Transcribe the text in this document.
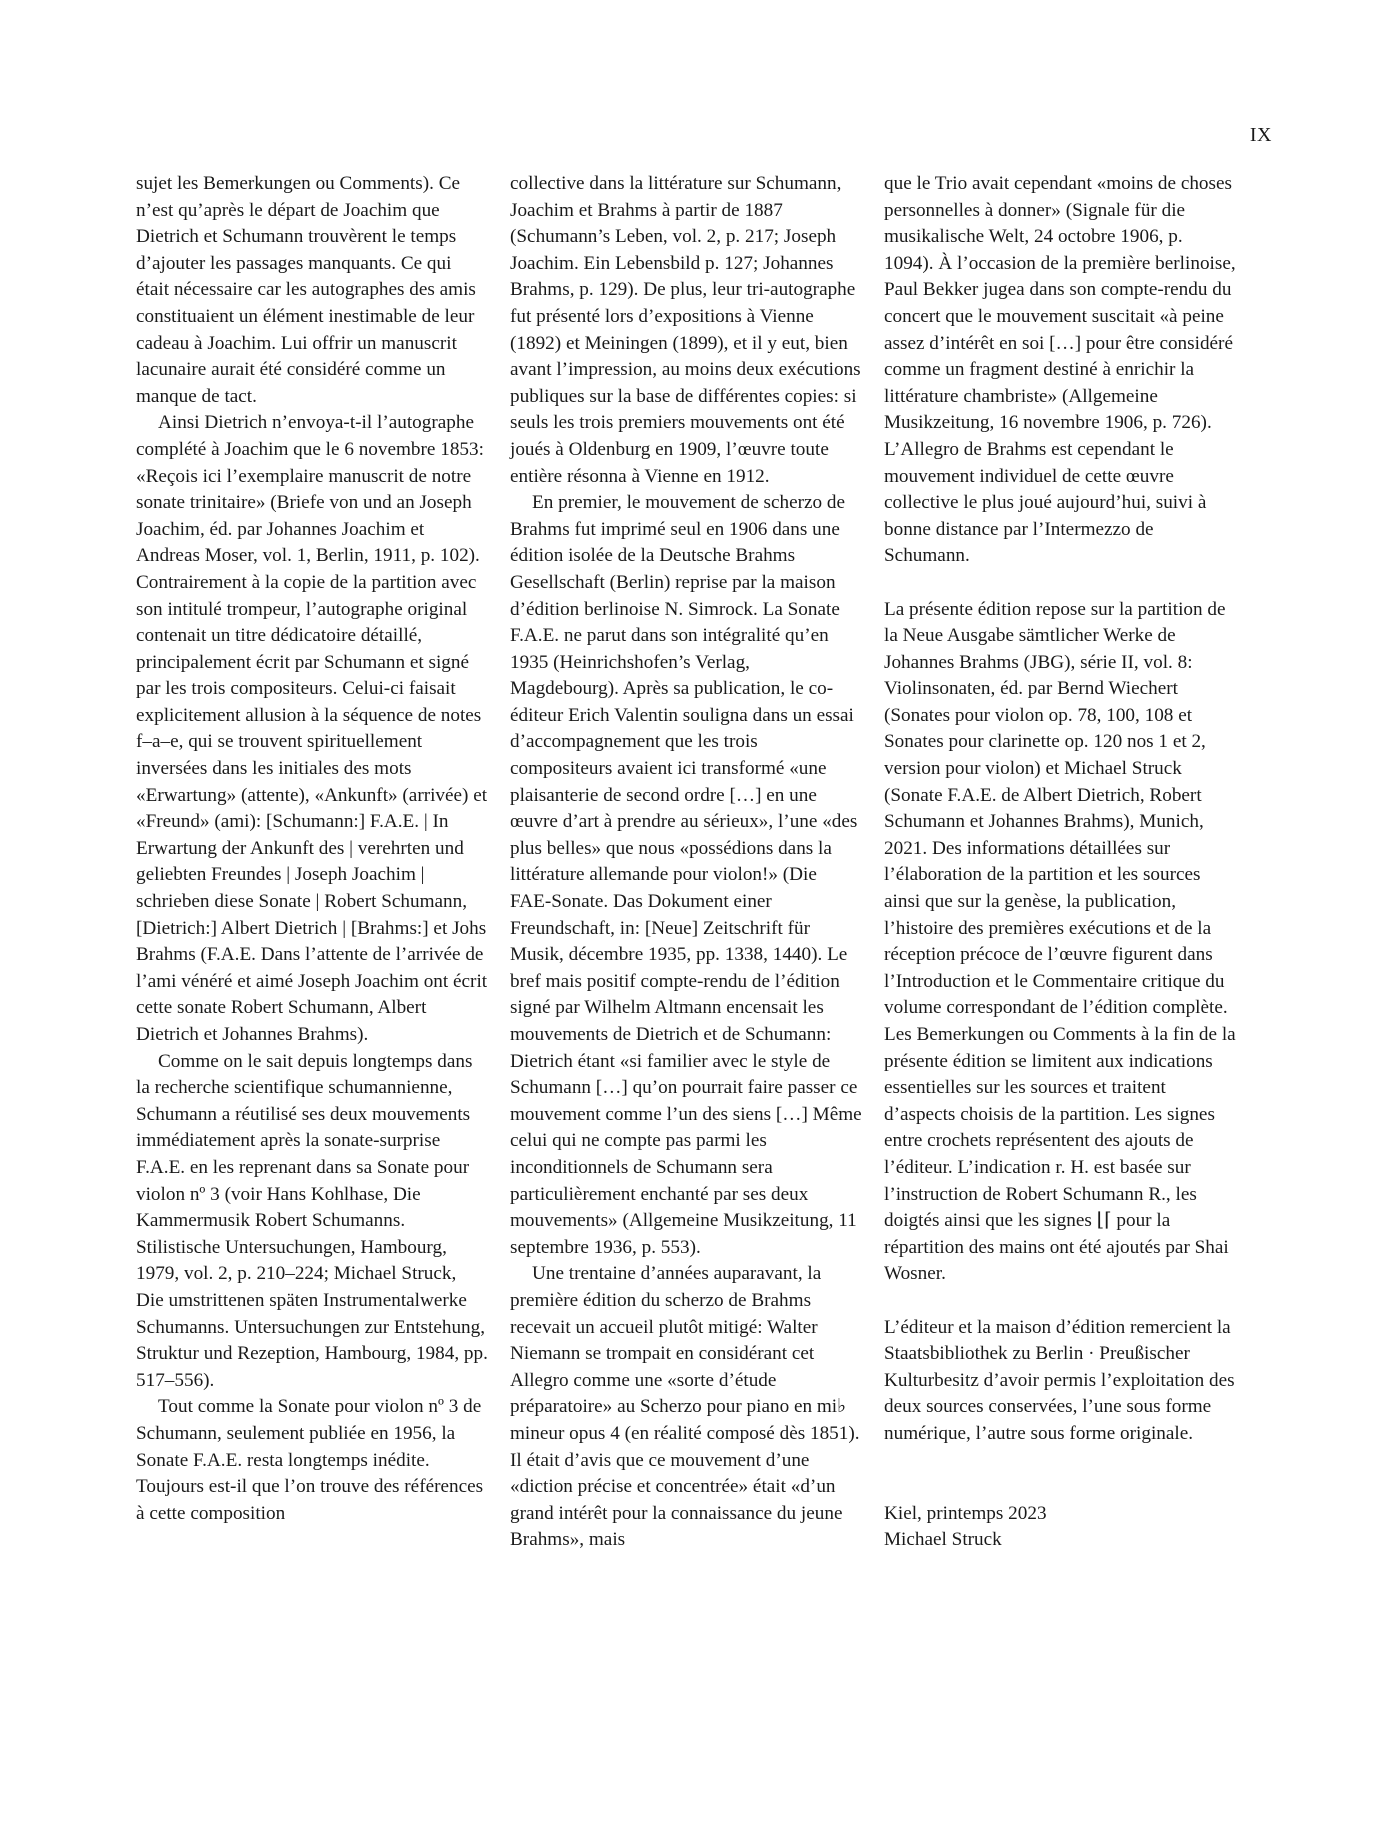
IX

sujet les Bemerkungen ou Comments). Ce n’est qu’après le départ de Joachim que Dietrich et Schumann trouvèrent le temps d’ajouter les passages manquants. Ce qui était nécessaire car les autographes des amis constituaient un élément inestimable de leur cadeau à Joachim. Lui offrir un manuscrit lacunaire aurait été considéré comme un manque de tact.

Ainsi Dietrich n’envoya-t-il l’autographe complété à Joachim que le 6 novembre 1853: «Reçois ici l’exemplaire manuscrit de notre sonate trinitaire» (Briefe von und an Joseph Joachim, éd. par Johannes Joachim et Andreas Moser, vol. 1, Berlin, 1911, p. 102). Contrairement à la copie de la partition avec son intitulé trompeur, l’autographe original contenait un titre dédicatoire détaillé, principalement écrit par Schumann et signé par les trois compositeurs. Celui-ci faisait explicitement allusion à la séquence de notes f–a–e, qui se trouvent spirituellement inversées dans les initiales des mots «Erwartung» (attente), «Ankunft» (arrivée) et «Freund» (ami): [Schumann:] F.A.E. | In Erwartung der Ankunft des | verehrten und geliebten Freundes | Joseph Joachim | schrieben diese Sonate | Robert Schumann, [Dietrich:] Albert Dietrich | [Brahms:] et Johs Brahms (F.A.E. Dans l’attente de l’arrivée de l’ami vénéré et aimé Joseph Joachim ont écrit cette sonate Robert Schumann, Albert Dietrich et Johannes Brahms).

Comme on le sait depuis longtemps dans la recherche scientifique schumannienne, Schumann a réutilisé ses deux mouvements immédiatement après la sonate-surprise F.A.E. en les reprenant dans sa Sonate pour violon nº 3 (voir Hans Kohlhase, Die Kammermusik Robert Schumanns. Stilistische Untersuchungen, Hambourg, 1979, vol. 2, p. 210–224; Michael Struck, Die umstrittenen späten Instrumentalwerke Schumanns. Untersuchungen zur Entstehung, Struktur und Rezeption, Hambourg, 1984, pp. 517–556).

Tout comme la Sonate pour violon nº 3 de Schumann, seulement publiée en 1956, la Sonate F.A.E. resta longtemps inédite. Toujours est-il que l’on trouve des références à cette composition

collective dans la littérature sur Schumann, Joachim et Brahms à partir de 1887 (Schumann’s Leben, vol. 2, p. 217; Joseph Joachim. Ein Lebensbild p. 127; Johannes Brahms, p. 129). De plus, leur tri-autographe fut présenté lors d’expositions à Vienne (1892) et Meiningen (1899), et il y eut, bien avant l’impression, au moins deux exécutions publiques sur la base de différentes copies: si seuls les trois premiers mouvements ont été joués à Oldenburg en 1909, l’œuvre toute entière résonna à Vienne en 1912.

En premier, le mouvement de scherzo de Brahms fut imprimé seul en 1906 dans une édition isolée de la Deutsche Brahms Gesellschaft (Berlin) reprise par la maison d’édition berlinoise N. Simrock. La Sonate F.A.E. ne parut dans son intégralité qu’en 1935 (Heinrichshofen’s Verlag, Magdebourg). Après sa publication, le co-éditeur Erich Valentin souligna dans un essai d’accompagnement que les trois compositeurs avaient ici transformé «une plaisanterie de second ordre […] en une œuvre d’art à prendre au sérieux», l’une «des plus belles» que nous «possédions dans la littérature allemande pour violon!» (Die FAE-Sonate. Das Dokument einer Freundschaft, in: [Neue] Zeitschrift für Musik, décembre 1935, pp. 1338, 1440). Le bref mais positif compte-rendu de l’édition signé par Wilhelm Altmann encensait les mouvements de Dietrich et de Schumann: Dietrich étant «si familier avec le style de Schumann […] qu’on pourrait faire passer ce mouvement comme l’un des siens […] Même celui qui ne compte pas parmi les inconditionnels de Schumann sera particulièrement enchanté par ses deux mouvements» (Allgemeine Musikzeitung, 11 septembre 1936, p. 553).

Une trentaine d’années auparavant, la première édition du scherzo de Brahms recevait un accueil plutôt mitigé: Walter Niemann se trompait en considérant cet Allegro comme une «sorte d’étude préparatoire» au Scherzo pour piano en mi♭ mineur opus 4 (en réalité composé dès 1851). Il était d’avis que ce mouvement d’une «diction précise et concentrée» était «d’un grand intérêt pour la connaissance du jeune Brahms», mais

que le Trio avait cependant «moins de choses personnelles à donner» (Signale für die musikalische Welt, 24 octobre 1906, p. 1094). À l’occasion de la première berlinoise, Paul Bekker jugea dans son compte-rendu du concert que le mouvement suscitait «à peine assez d’intérêt en soi […] pour être considéré comme un fragment destiné à enrichir la littérature chambriste» (Allgemeine Musikzeitung, 16 novembre 1906, p. 726). L’Allegro de Brahms est cependant le mouvement individuel de cette œuvre collective le plus joué aujourd’hui, suivi à bonne distance par l’Intermezzo de Schumann.

La présente édition repose sur la partition de la Neue Ausgabe sämtlicher Werke de Johannes Brahms (JBG), série II, vol. 8: Violinsonaten, éd. par Bernd Wiechert (Sonates pour violon op. 78, 100, 108 et Sonates pour clarinette op. 120 nos 1 et 2, version pour violon) et Michael Struck (Sonate F.A.E. de Albert Dietrich, Robert Schumann et Johannes Brahms), Munich, 2021. Des informations détaillées sur l’élaboration de la partition et les sources ainsi que sur la genèse, la publication, l’histoire des premières exécutions et de la réception précoce de l’œuvre figurent dans l’Introduction et le Commentaire critique du volume correspondant de l’édition complète. Les Bemerkungen ou Comments à la fin de la présente édition se limitent aux indications essentielles sur les sources et traitent d’aspects choisis de la partition. Les signes entre crochets représentent des ajouts de l’éditeur. L’indication r. H. est basée sur l’instruction de Robert Schumann R., les doigtés ainsi que les signes ⌊⌈ pour la répartition des mains ont été ajoutés par Shai Wosner.

L’éditeur et la maison d’édition remercient la Staatsbibliothek zu Berlin · Preußischer Kulturbesitz d’avoir permis l’exploitation des deux sources conservées, l’une sous forme numérique, l’autre sous forme originale.

Kiel, printemps 2023

Michael Struck
